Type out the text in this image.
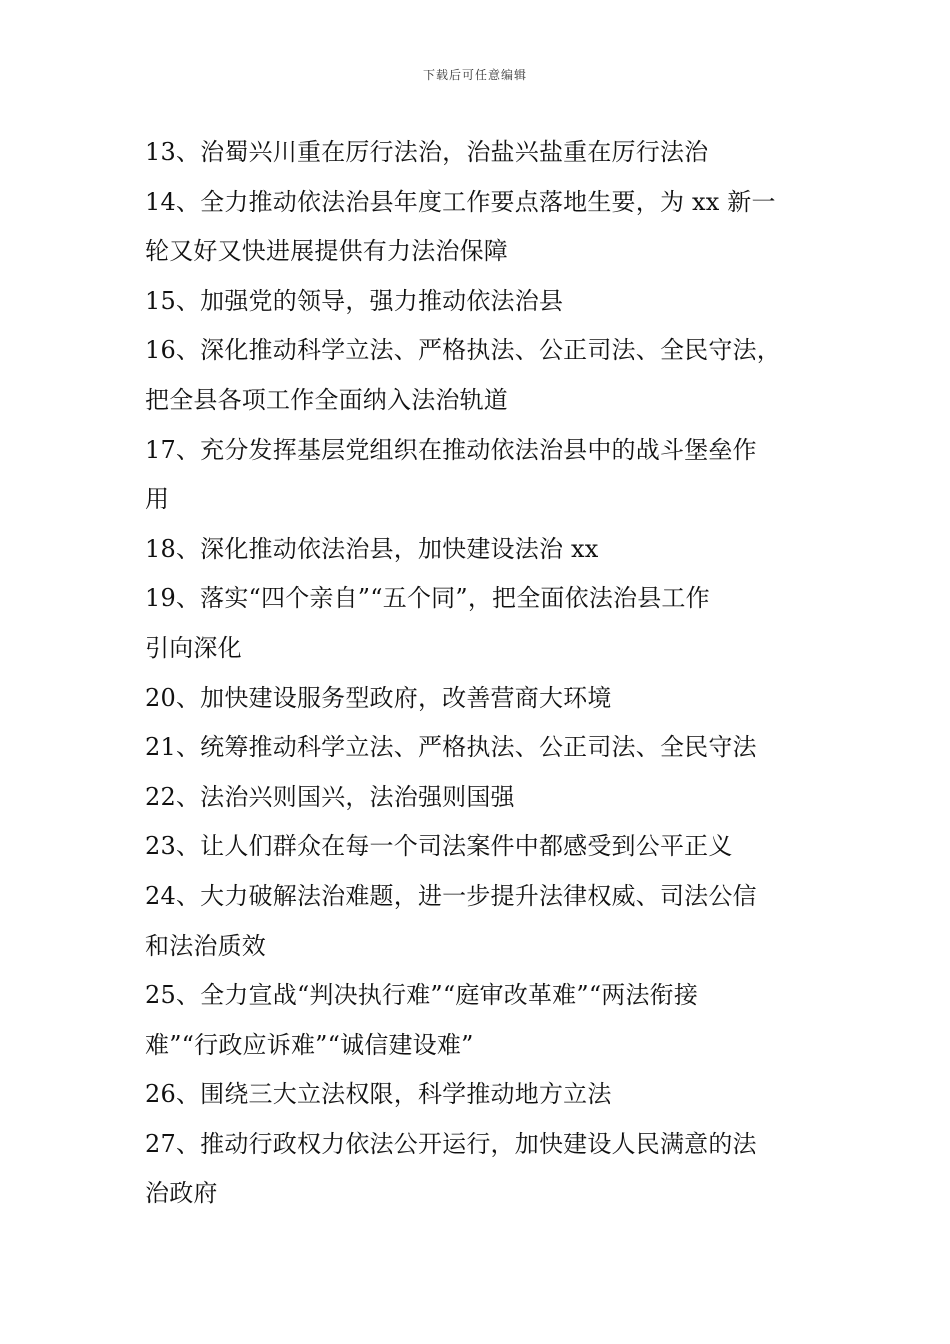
下载后可任意编辑
13、治蜀兴川重在厉行法治，治盐兴盐重在厉行法治
14、全力推动依法治县年度工作要点落地生要，为 xx 新一
轮又好又快进展提供有力法治保障
15、加强党的领导，强力推动依法治县
16、深化推动科学立法、严格执法、公正司法、全民守法，
把全县各项工作全面纳入法治轨道
17、充分发挥基层党组织在推动依法治县中的战斗堡垒作
用
18、深化推动依法治县，加快建设法治 xx
19、落实“四个亲自”“五个同”，把全面依法治县工作
引向深化
20、加快建设服务型政府，改善营商大环境
21、统筹推动科学立法、严格执法、公正司法、全民守法
22、法治兴则国兴，法治强则国强
23、让人们群众在每一个司法案件中都感受到公平正义
24、大力破解法治难题，进一步提升法律权威、司法公信
和法治质效
25、全力宣战“判决执行难”“庭审改革难”“两法衔接
难”“行政应诉难”“诚信建设难”
26、围绕三大立法权限，科学推动地方立法
27、推动行政权力依法公开运行，加快建设人民满意的法
治政府
